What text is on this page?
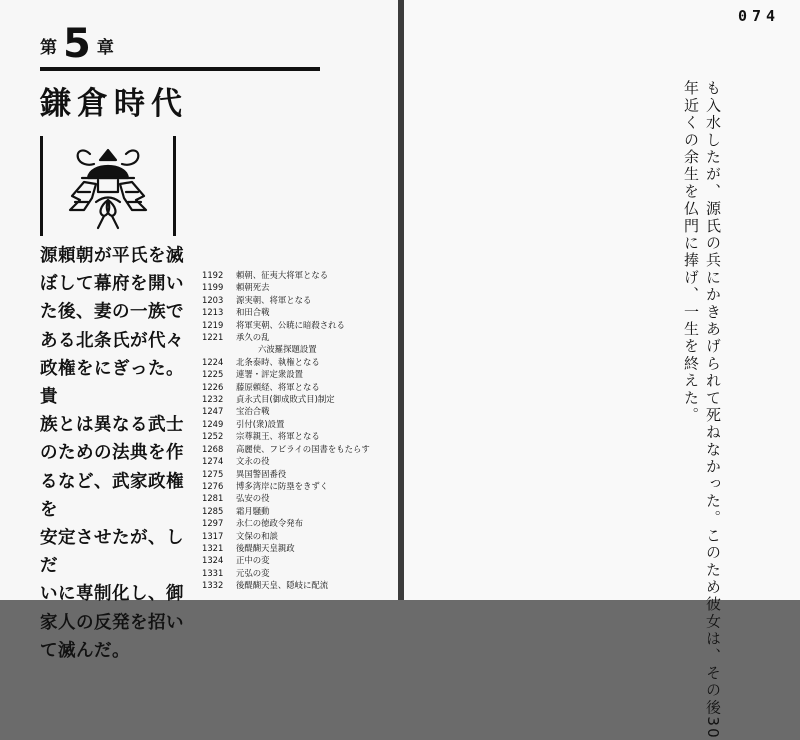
第 5 章
鎌倉時代
源頼朝が平氏を滅
ぼして幕府を開い
た後、妻の一族で
ある北条氏が代々
政権をにぎった。貴
族とは異なる武士
のための法典を作
るなど、武家政権を
安定させたが、しだ
いに専制化し、御
家人の反発を招い
て滅んだ。
1192	頼朝、征夷大将軍となる
1199	頼朝死去
1203	源実朝、将軍となる
1213	和田合戦
1219	将軍実朝、公暁に暗殺される
1221	承久の乱
六波羅探題設置
1224	北条泰時、執権となる
1225	連署・評定衆設置
1226	藤原頼経、将軍となる
1232	貞永式目(御成敗式目)制定
1247	宝治合戦
1249	引付(衆)設置
1252	宗尊親王、将軍となる
1268	高麗使、フビライの国書をもたらす
1274	文永の役
1275	異国警固番役
1276	博多湾岸に防塁をきずく
1281	弘安の役
1285	霜月騒動
1297	永仁の徳政令発布
1317	文保の和談
1321	後醍醐天皇親政
1324	正中の変
1331	元弘の変
1332	後醍醐天皇、隠岐に配流
074
も入水したが、源氏の兵にかきあげられて死ねなかった。このため彼女は、その後30
年近くの余生を仏門に捧げ、一生を終えた。
